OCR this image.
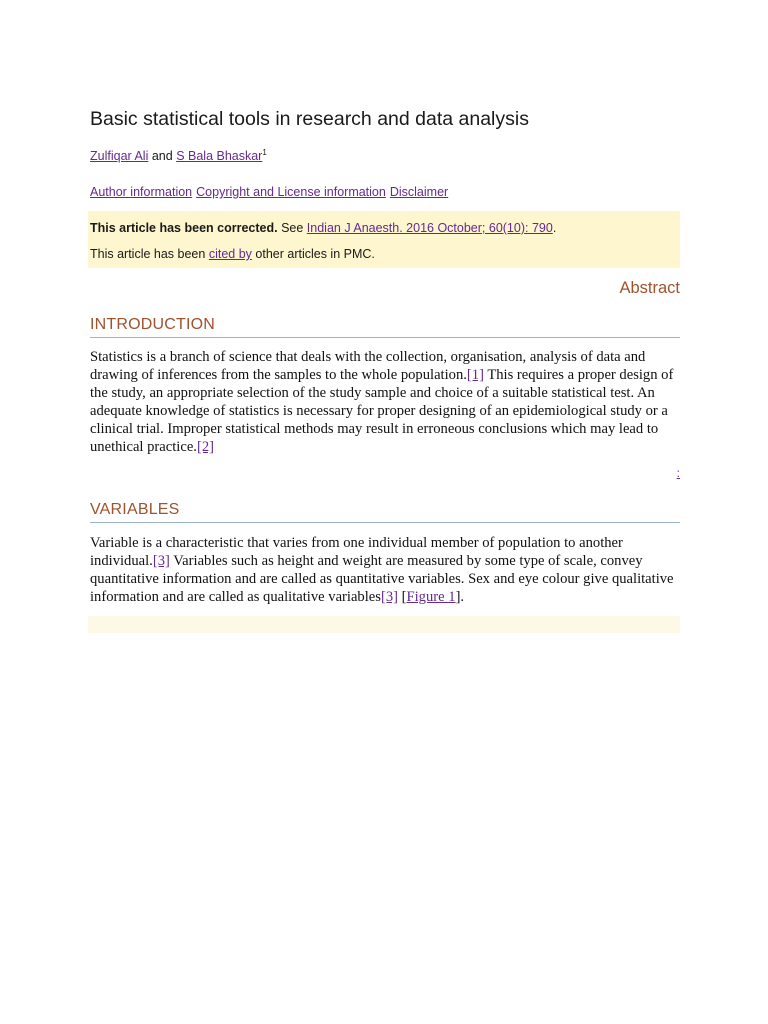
Basic statistical tools in research and data analysis
Zulfiqar Ali and S Bala Bhaskar$^1$
Author information Copyright and License information Disclaimer
This article has been corrected. See Indian J Anaesth. 2016 October; 60(10): 790.
This article has been cited by other articles in PMC.
Abstract
INTRODUCTION

Statistics is a branch of science that deals with the collection, organisation, analysis of data and drawing of inferences from the samples to the whole population.[1] This requires a proper design of the study, an appropriate selection of the study sample and choice of a suitable statistical test. An adequate knowledge of statistics is necessary for proper designing of an epidemiological study or a clinical trial. Improper statistical methods may result in erroneous conclusions which may lead to unethical practice.[2]

:
VARIABLES

Variable is a characteristic that varies from one individual member of population to another individual.[3] Variables such as height and weight are measured by some type of scale, convey quantitative information and are called as quantitative variables. Sex and eye colour give qualitative information and are called as qualitative variables[3] [Figure 1].
